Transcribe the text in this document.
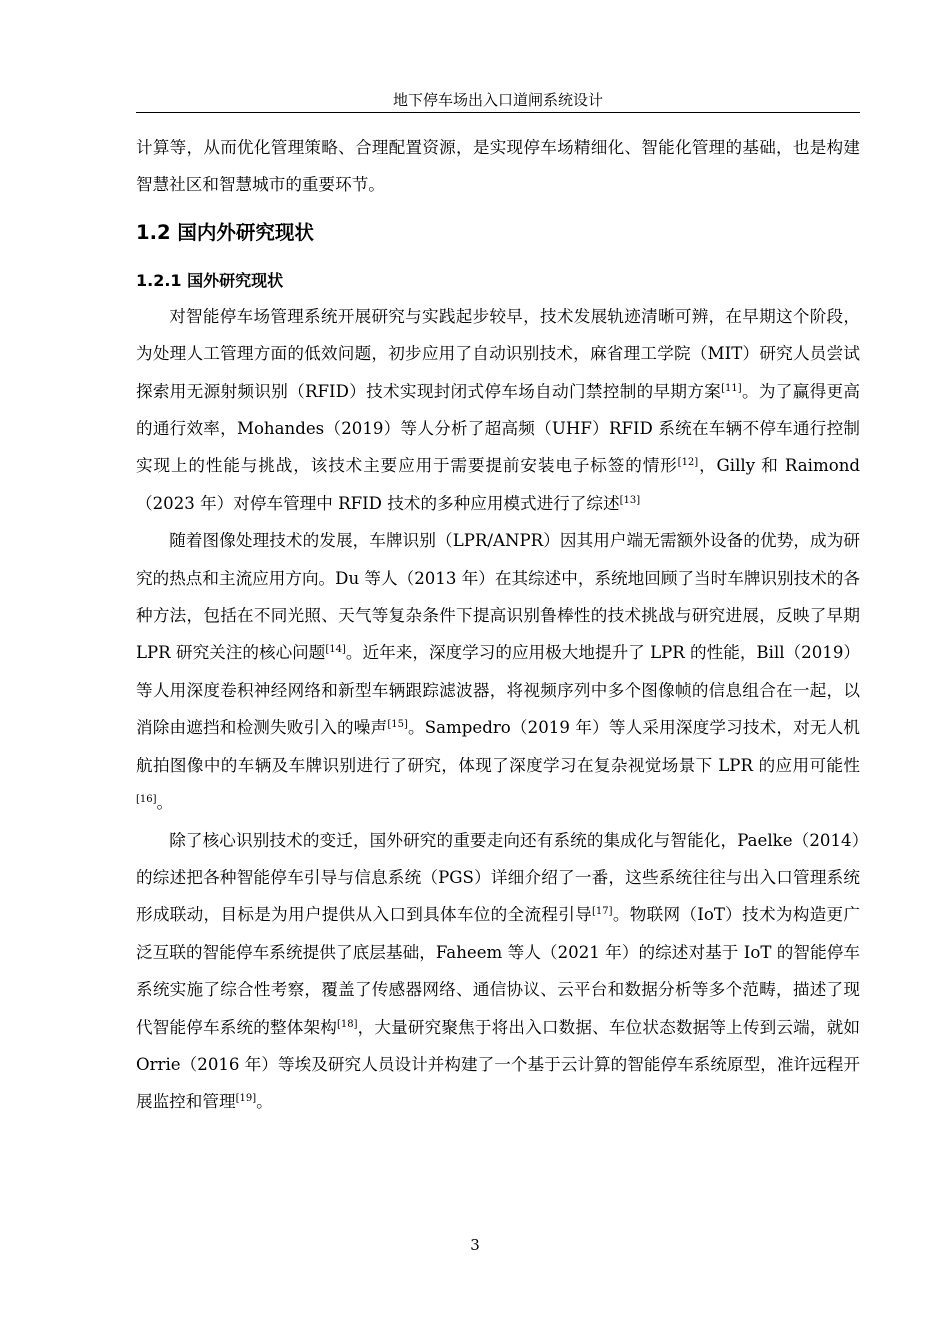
地下停车场出入口道闸系统设计

计算等，从而优化管理策略、合理配置资源，是实现停车场精细化、智能化管理的基础，也是构建智慧社区和智慧城市的重要环节。

1.2 国内外研究现状
1.2.1 国外研究现状

对智能停车场管理系统开展研究与实践起步较早，技术发展轨迹清晰可辨，在早期这个阶段，为处理人工管理方面的低效问题，初步应用了自动识别技术，麻省理工学院（MIT）研究人员尝试探索用无源射频识别（RFID）技术实现封闭式停车场自动门禁控制的早期方案[11]。为了赢得更高的通行效率，Mohandes（2019）等人分析了超高频（UHF）RFID 系统在车辆不停车通行控制实现上的性能与挑战，该技术主要应用于需要提前安装电子标签的情形[12]，Gilly 和 Raimond（2023 年）对停车管理中 RFID 技术的多种应用模式进行了综述[13]

随着图像处理技术的发展，车牌识别（LPR/ANPR）因其用户端无需额外设备的优势，成为研究的热点和主流应用方向。Du 等人（2013 年）在其综述中，系统地回顾了当时车牌识别技术的各种方法，包括在不同光照、天气等复杂条件下提高识别鲁棒性的技术挑战与研究进展，反映了早期 LPR 研究关注的核心问题[14]。近年来，深度学习的应用极大地提升了 LPR 的性能，Bill（2019）等人用深度卷积神经网络和新型车辆跟踪滤波器，将视频序列中多个图像帧的信息组合在一起，以消除由遮挡和检测失败引入的噪声[15]。Sampedro（2019 年）等人采用深度学习技术，对无人机航拍图像中的车辆及车牌识别进行了研究，体现了深度学习在复杂视觉场景下 LPR 的应用可能性[16]。

除了核心识别技术的变迁，国外研究的重要走向还有系统的集成化与智能化，Paelke（2014）的综述把各种智能停车引导与信息系统（PGS）详细介绍了一番，这些系统往往与出入口管理系统形成联动，目标是为用户提供从入口到具体车位的全流程引导[17]。物联网（IoT）技术为构造更广泛互联的智能停车系统提供了底层基础，Faheem 等人（2021 年）的综述对基于 IoT 的智能停车系统实施了综合性考察，覆盖了传感器网络、通信协议、云平台和数据分析等多个范畴，描述了现代智能停车系统的整体架构[18]，大量研究聚焦于将出入口数据、车位状态数据等上传到云端，就如 Orrie（2016 年）等埃及研究人员设计并构建了一个基于云计算的智能停车系统原型，准许远程开展监控和管理[19]。

3
